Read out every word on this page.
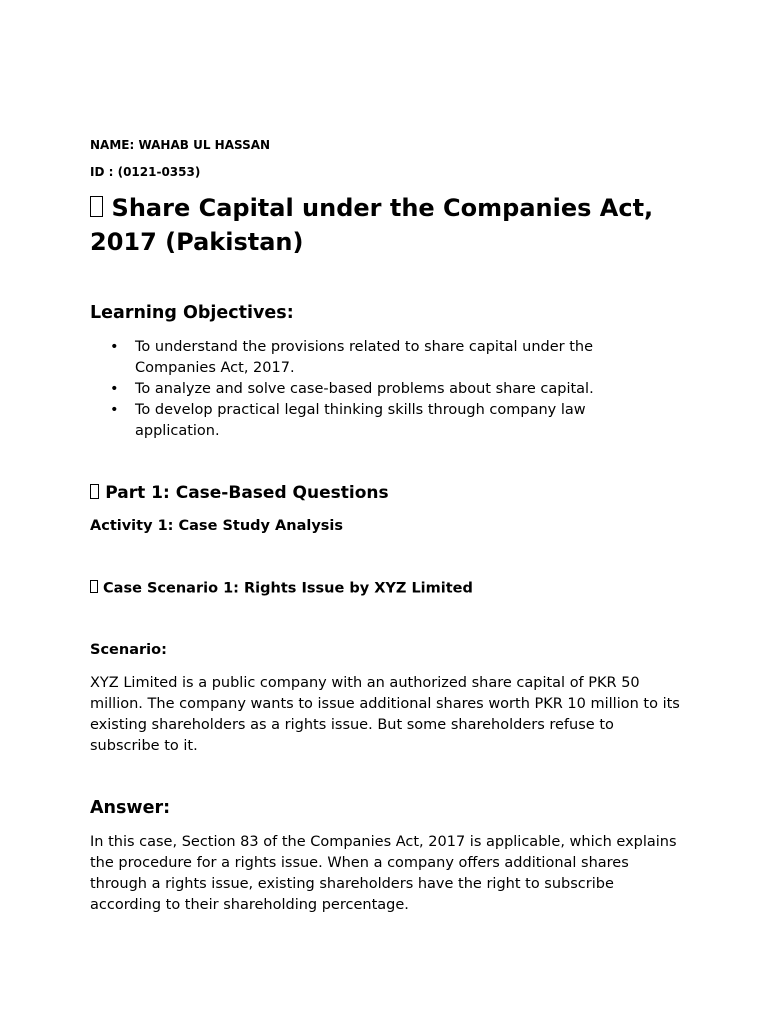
NAME: WAHAB UL HASSAN
ID : (0121-0353)
Share Capital under the Companies Act, 2017 (Pakistan)
Learning Objectives:
• To understand the provisions related to share capital under the Companies Act, 2017.
• To analyze and solve case-based problems about share capital.
• To develop practical legal thinking skills through company law application.
Part 1: Case-Based Questions
Activity 1: Case Study Analysis
Case Scenario 1: Rights Issue by XYZ Limited
Scenario:

XYZ Limited is a public company with an authorized share capital of PKR 50 million. The company wants to issue additional shares worth PKR 10 million to its existing shareholders as a rights issue. But some shareholders refuse to subscribe to it.

Answer:

In this case, Section 83 of the Companies Act, 2017 is applicable, which explains the procedure for a rights issue. When a company offers additional shares through a rights issue, existing shareholders have the right to subscribe according to their shareholding percentage.
